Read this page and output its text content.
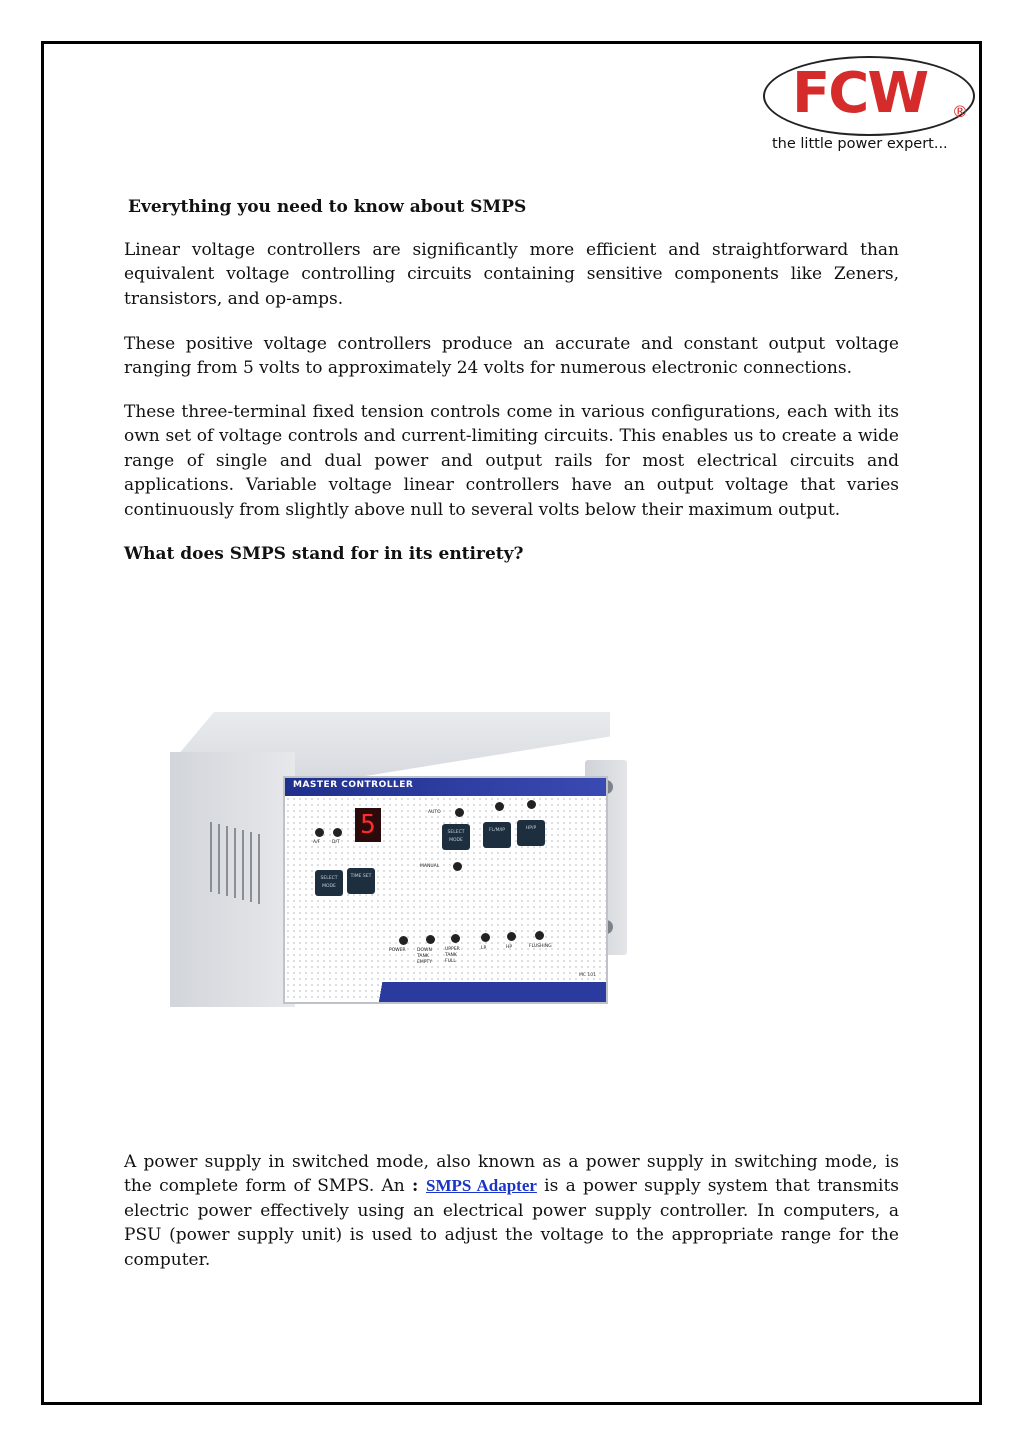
FCW ®
the little power expert...
Everything you need to know about SMPS

Linear voltage controllers are significantly more efficient and straightforward than equivalent voltage controlling circuits containing sensitive components like Zeners, transistors, and op-amps.

These positive voltage controllers produce an accurate and constant output voltage ranging from 5 volts to approximately 24 volts for numerous electronic connections.

These three-terminal fixed tension controls come in various configurations, each with its own set of voltage controls and current-limiting circuits. This enables us to create a wide range of single and dual power and output rails for most electrical circuits and applications. Variable voltage linear controllers have an output voltage that varies continuously from slightly above null to several volts below their maximum output.

What does SMPS stand for in its entirety?
MASTER CONTROLLER
A/F	D/T
5	AUTO
SELECT MODE
FL/M/IP	HP/P
MANUAL
SELECT MODE
TIME SET
POWER	DOWN TANK EMPTY
UPPER TANK FULL
LP	HP	FLUSHING
MC 101

A power supply in switched mode, also known as a power supply in switching mode, is the complete form of SMPS. An : SMPS Adapter is a power supply system that transmits electric power effectively using an electrical power supply controller. In computers, a PSU (power supply unit) is used to adjust the voltage to the appropriate range for the computer.
